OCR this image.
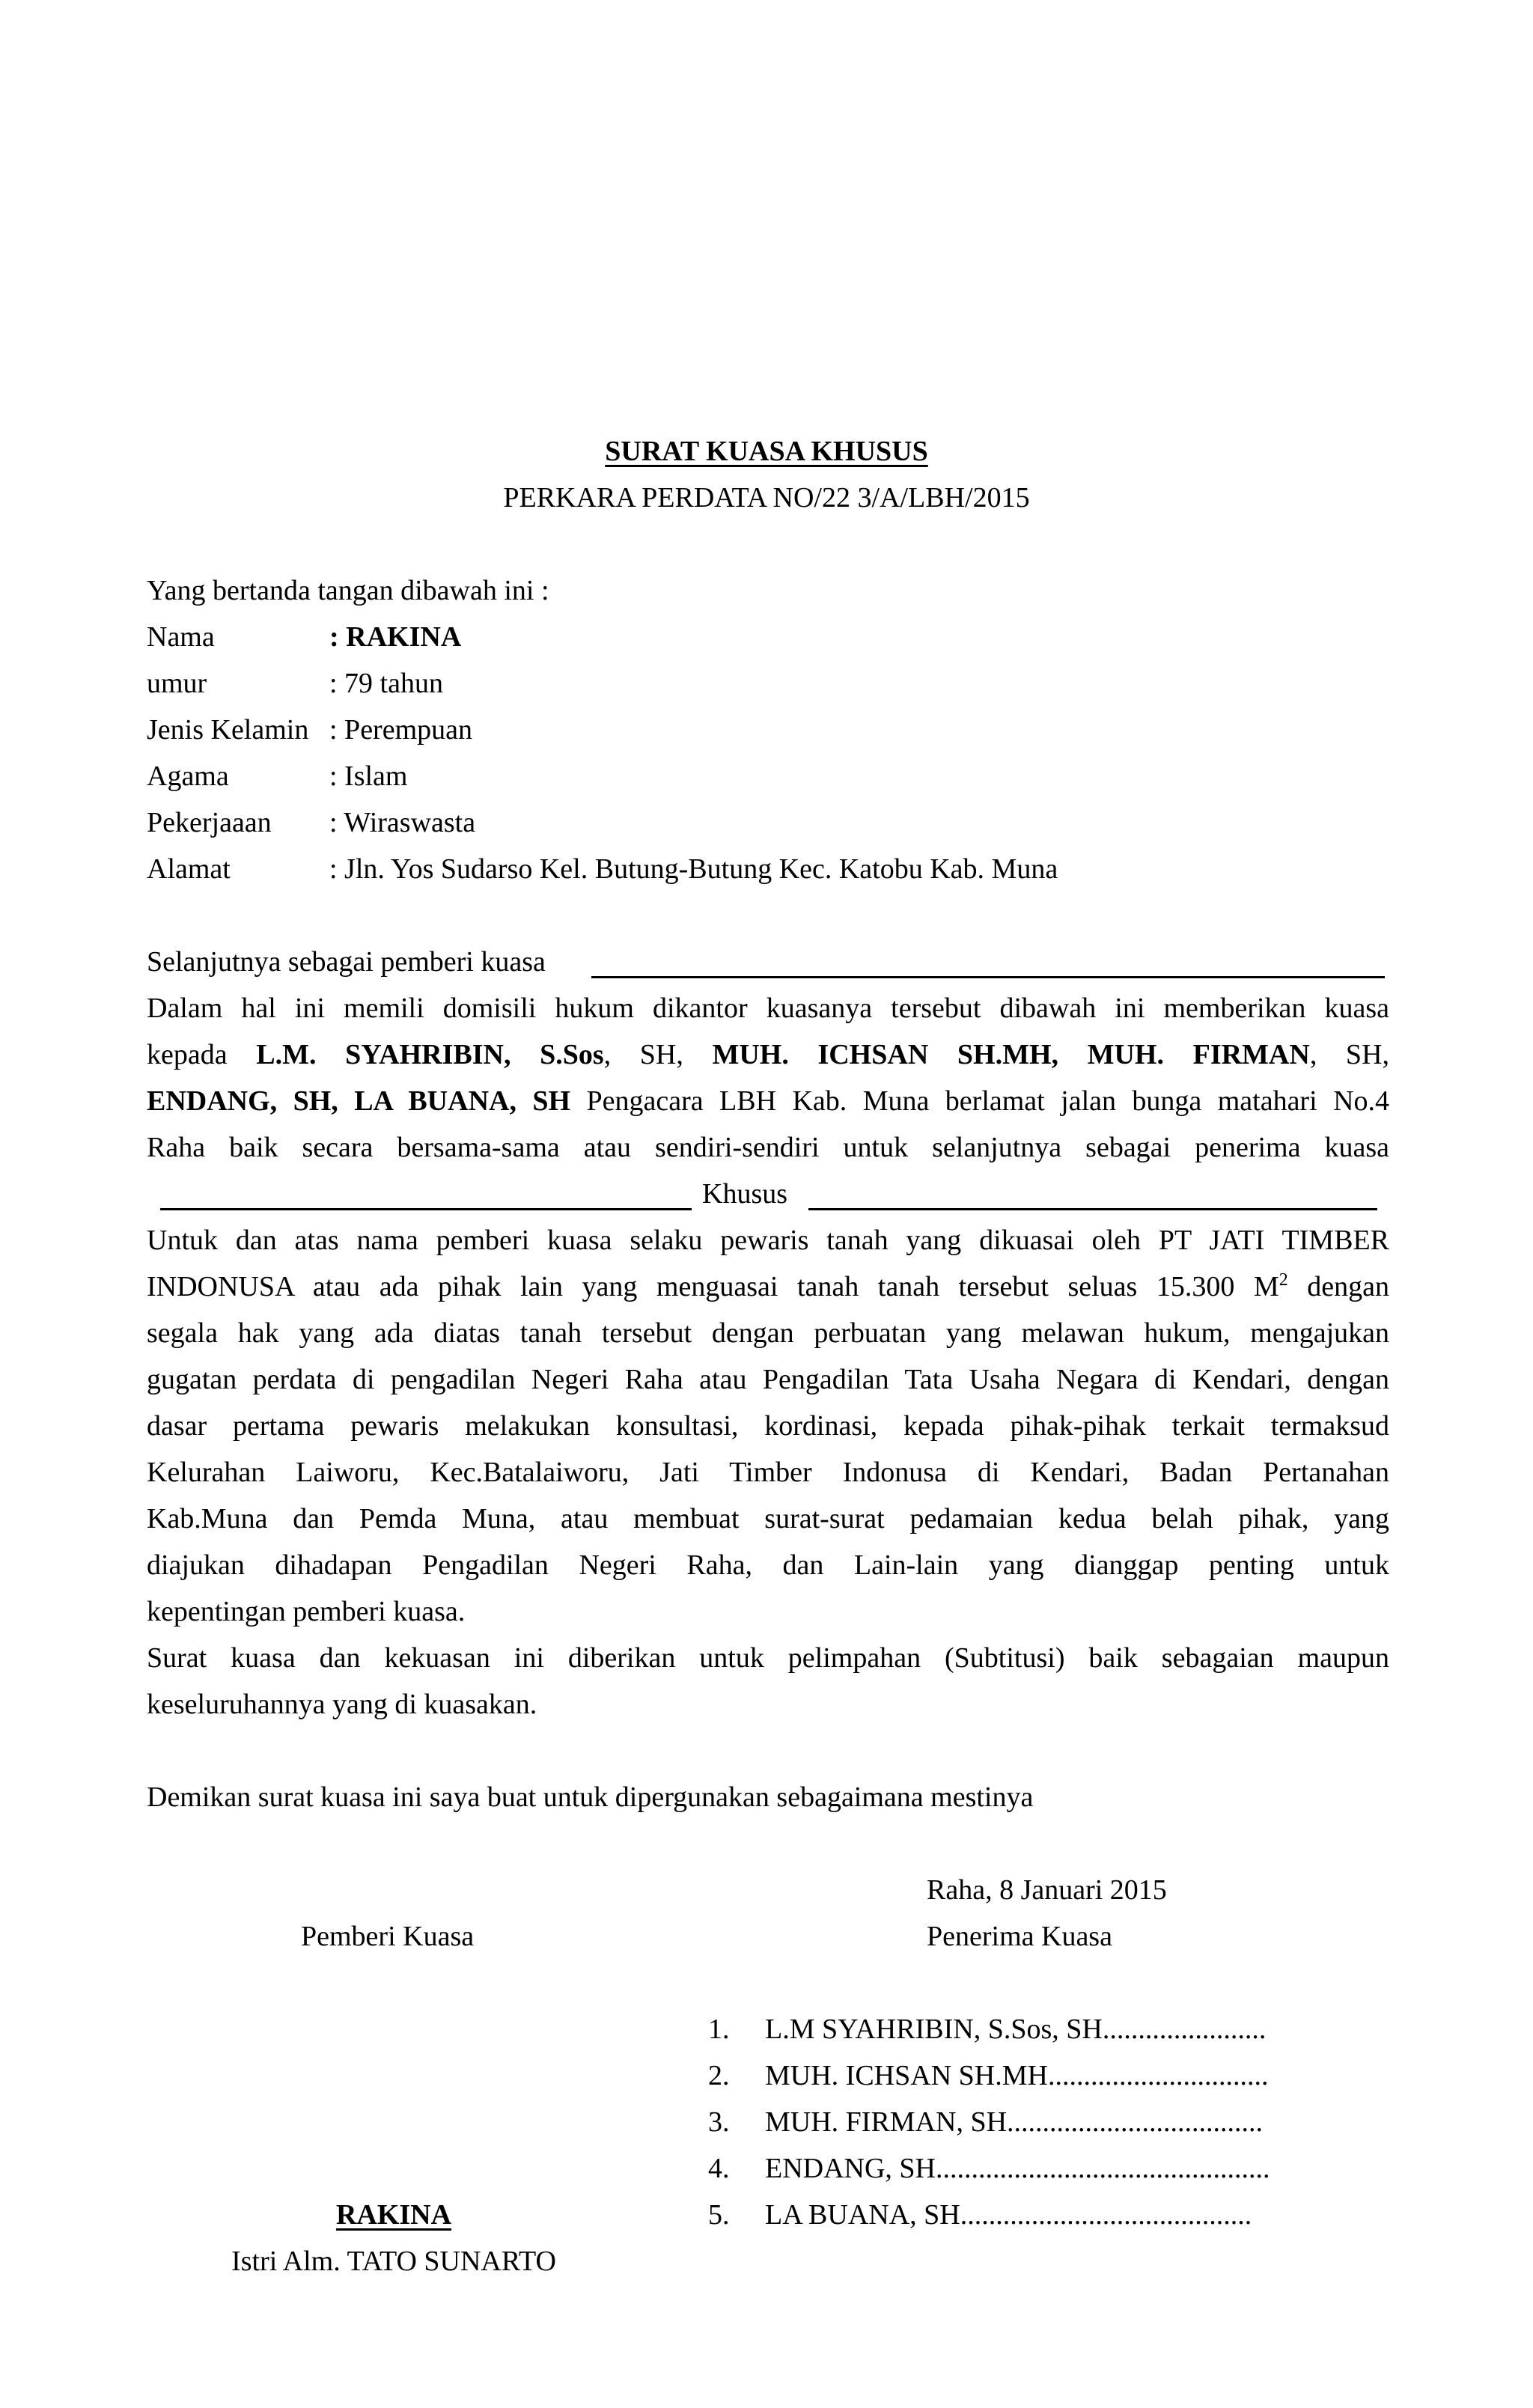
SURAT KUASA KHUSUS
PERKARA PERDATA NO/22 3/A/LBH/2015
Yang bertanda tangan dibawah ini :
Nama	: RAKINA
umur	: 79 tahun
Jenis Kelamin : Perempuan
Agama	: Islam
Pekerjaaan : Wiraswasta
Alamat	: Jln. Yos Sudarso Kel. Butung-Butung Kec. Katobu Kab. Muna
Selanjutnya sebagai pemberi kuasa
Dalam hal ini memili domisili hukum dikantor kuasanya tersebut dibawah ini memberikan kuasa
kepada L.M. SYAHRIBIN, S.Sos, SH, MUH. ICHSAN SH.MH, MUH. FIRMAN, SH,
ENDANG, SH, LA BUANA, SH Pengacara LBH Kab. Muna berlamat jalan bunga matahari No.4
Raha baik secara bersama-sama atau sendiri-sendiri untuk selanjutnya sebagai penerima kuasa
Khusus
Untuk dan atas nama pemberi kuasa selaku pewaris tanah yang dikuasai oleh PT JATI TIMBER
INDONUSA atau ada pihak lain yang menguasai tanah tanah tersebut seluas 15.300 $M^2$ dengan
segala hak yang ada diatas tanah tersebut dengan perbuatan yang melawan hukum, mengajukan
gugatan perdata di pengadilan Negeri Raha atau Pengadilan Tata Usaha Negara di Kendari, dengan
dasar pertama pewaris melakukan konsultasi, kordinasi, kepada pihak-pihak terkait termaksud
Kelurahan Laiworu, Kec.Batalaiworu, Jati Timber Indonusa di Kendari, Badan Pertanahan
Kab.Muna dan Pemda Muna, atau membuat surat-surat pedamaian kedua belah pihak, yang
diajukan dihadapan Pengadilan Negeri Raha, dan Lain-lain yang dianggap penting untuk
kepentingan pemberi kuasa.
Surat kuasa dan kekuasan ini diberikan untuk pelimpahan (Subtitusi) baik sebagaian maupun
keseluruhannya yang di kuasakan.
Demikan surat kuasa ini saya buat untuk dipergunakan sebagaimana mestinya
Raha, 8 Januari 2015
Pemberi Kuasa	Penerima Kuasa
1. L.M SYAHRIBIN, S.Sos, SH.......................
2. MUH. ICHSAN SH.MH...............................
3. MUH. FIRMAN, SH....................................
4. ENDANG, SH...............................................
5. LA BUANA, SH.........................................
RAKINA
Istri Alm. TATO SUNARTO
